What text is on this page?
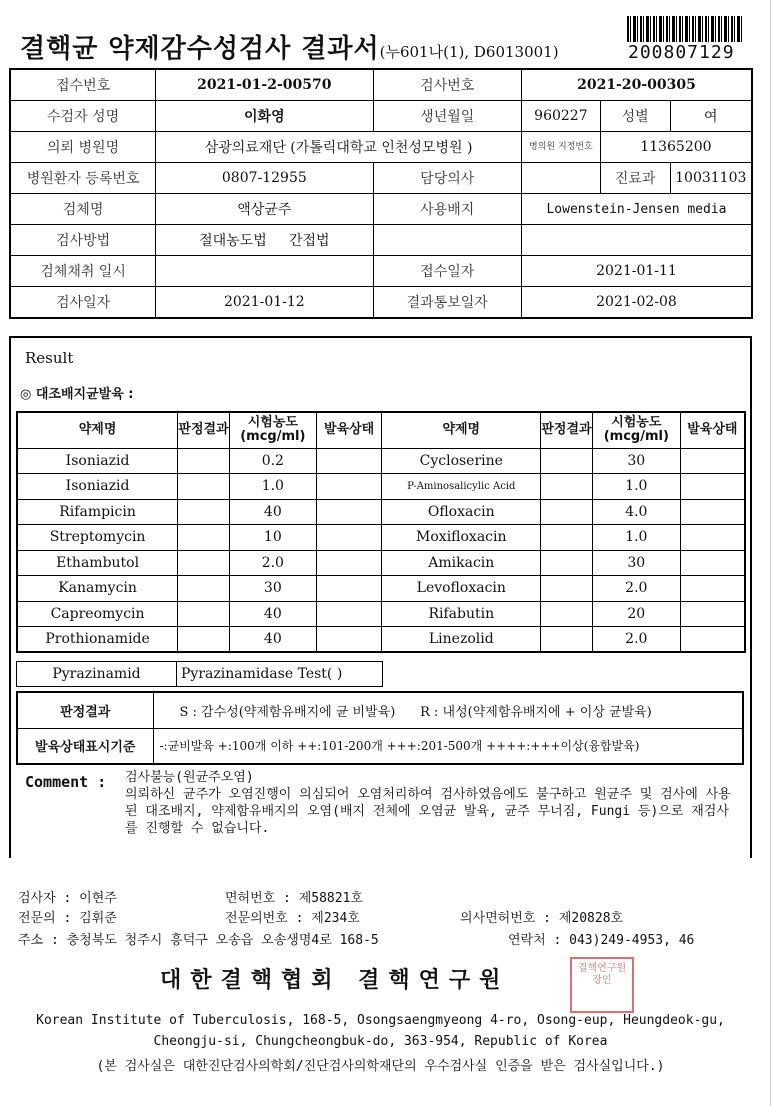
결핵균 약제감수성검사 결과서(누601나(1), D6013001)	200807129
접수번호	2021-01-2-00570	검사번호	2021-20-00305		
수검자 성명	이화영	생년월일	960227	성별	여
의뢰 병원명	삼광의료재단 (가톨릭대학교 인천성모병원 )		병의원 지정번호	11365200	
병원환자 등록번호	0807-12955	담당의사		진료과	10031103
검체명	액상균주	사용배지	Lowenstein-Jensen media		
검사방법	절대농도법 간접법				
검체채취 일시		접수일자	2021-01-11		
검사일자	2021-01-12	결과통보일자	2021-02-08		
Result
◎ 대조배지균발육 :
약제명	판정결과	시험농도(mcg/ml)	발육상태	약제명	판정결과	시험농도(mcg/ml)	발육상태
Isoniazid		0.2		Cycloserine		30	
Isoniazid		1.0		P-Aminosalicylic Acid		1.0	
Rifampicin		40		Ofloxacin		4.0	
Streptomycin		10		Moxifloxacin		1.0	
Ethambutol		2.0		Amikacin		30	
Kanamycin		30		Levofloxacin		2.0	
Capreomycin		40		Rifabutin		20	
Prothionamide		40		Linezolid		2.0	
Pyrazinamid	Pyrazinamidase Test( )
판정결과	S : 감수성(약제함유배지에 균 비발육) R : 내성(약제함유배지에 + 이상 균발육)
발육상태표시기준	-:균비발육 +:100개 이하 ++:101-200개 +++:201-500개 ++++:+++이상(융합발육)
Comment : 검사불능(원균주오염)
의뢰하신 균주가 오염진행이 의심되어 오염처리하여 검사하였음에도 불구하고 원균주 및 검사에 사용 된 대조배지, 약제함유배지의 오염(배지 전체에 오염균 발육, 균주 무너짐, Fungi 등)으로 재검사를 진행할 수 없습니다.
검사자 : 이현주	면허번호 : 제58821호
전문의 : 김휘준	전문의번호 : 제234호	의사면허번호 : 제20828호
주소 : 충청북도 청주시 흥덕구 오송읍 오송생명4로 168-5	연락처 : 043)249-4953, 46
대한결핵협회 결핵연구원	결핵연구원장인
Korean Institute of Tuberculosis, 168-5, Osongsaengmyeong 4-ro, Osong-eup, Heungdeok-gu,
Cheongju-si, Chungcheongbuk-do, 363-954, Republic of Korea
(본 검사실은 대한진단검사의학회/진단검사의학재단의 우수검사실 인증을 받은 검사실입니다.)
